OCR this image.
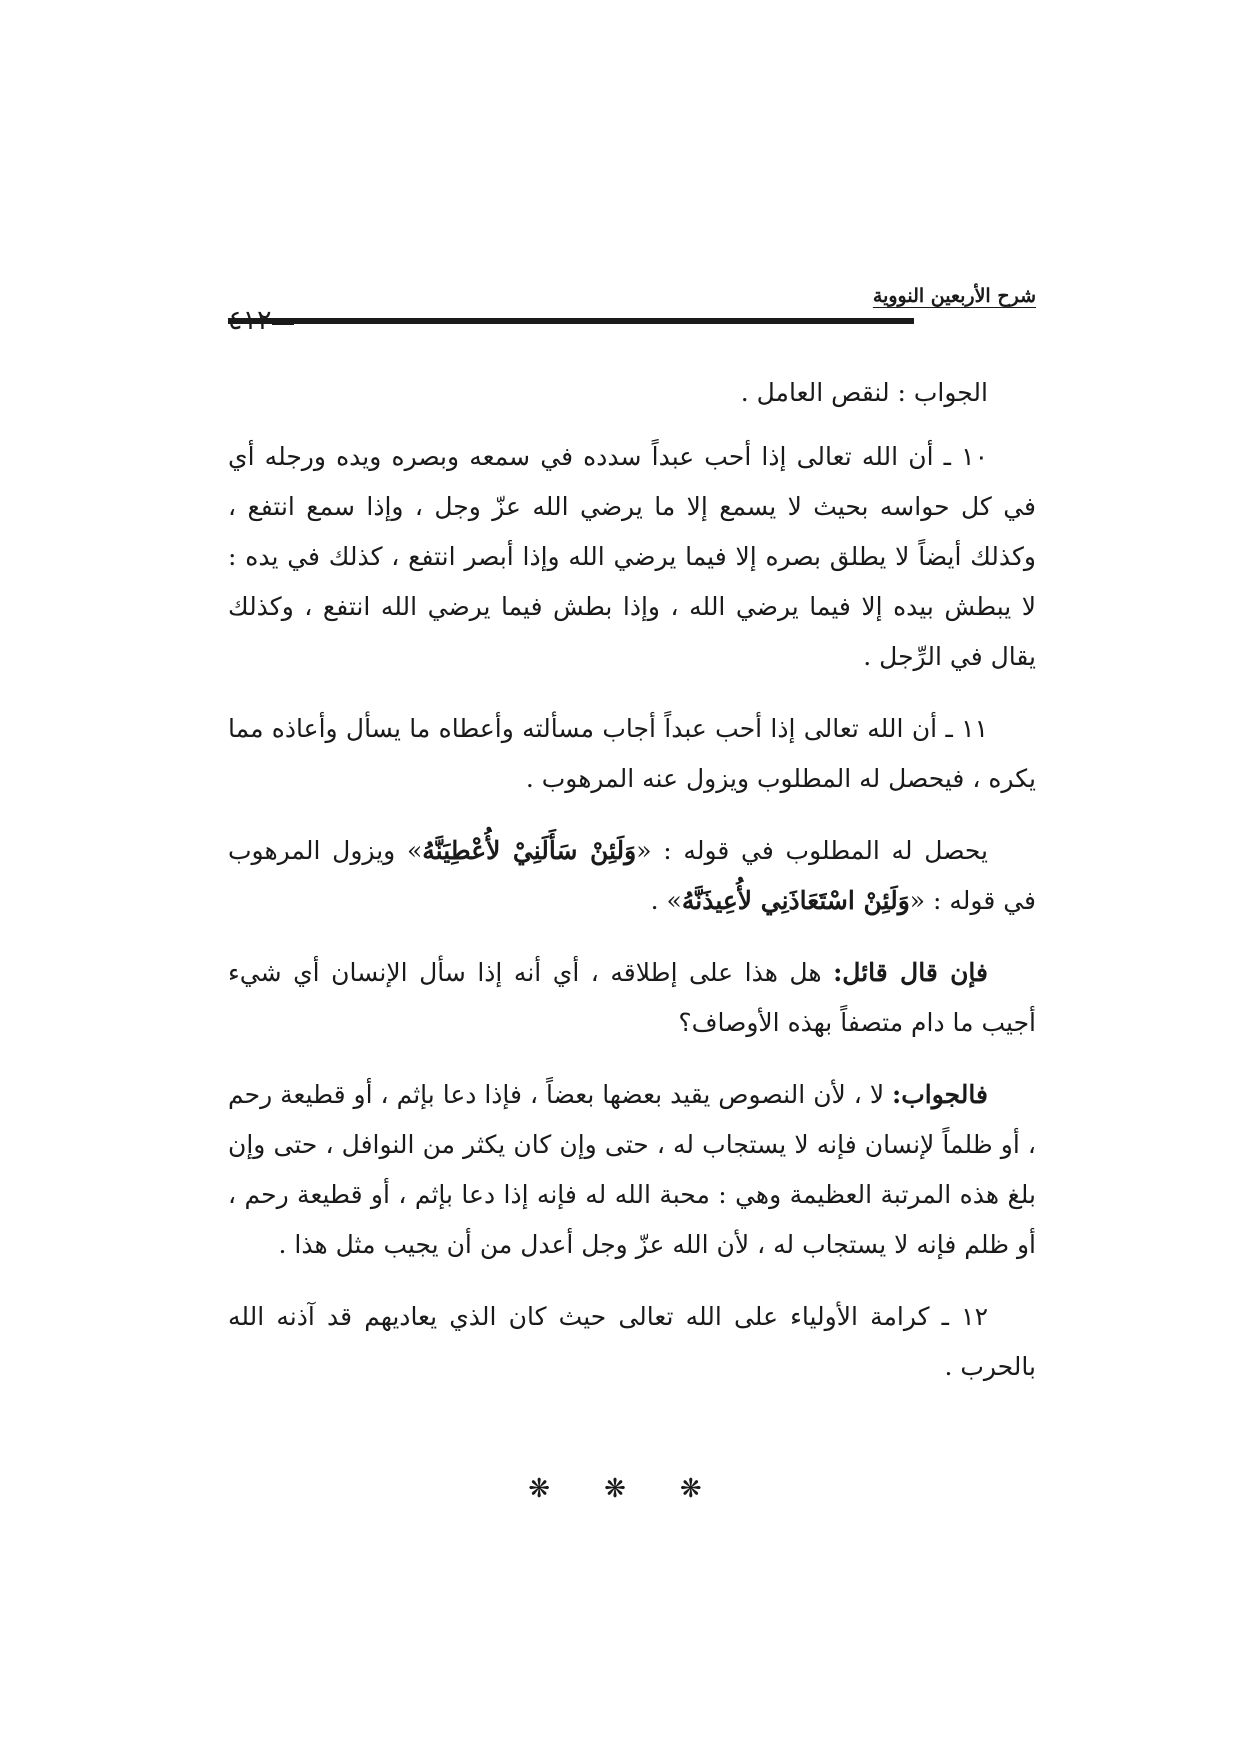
شرح الأربعين النووية
٤١٢

الجواب : لنقص العامل .

١٠ ـ أن الله تعالى إذا أحب عبداً سدده في سمعه وبصره ويده ورجله أي في كل حواسه بحيث لا يسمع إلا ما يرضي الله عزّ وجل ، وإذا سمع انتفع ، وكذلك أيضاً لا يطلق بصره إلا فيما يرضي الله وإذا أبصر انتفع ، كذلك في يده : لا يبطش بيده إلا فيما يرضي الله ، وإذا بطش فيما يرضي الله انتفع ، وكذلك يقال في الرِّجل .

١١ ـ أن الله تعالى إذا أحب عبداً أجاب مسألته وأعطاه ما يسأل وأعاذه مما يكره ، فيحصل له المطلوب ويزول عنه المرهوب .

يحصل له المطلوب في قوله : «وَلَئِنْ سَأَلَنِيْ لأُعْطِيَنَّهُ» ويزول المرهوب في قوله : «وَلَئِنْ اسْتَعَاذَنِي لأُعِيذَنَّهُ» .

فإن قال قائل: هل هذا على إطلاقه ، أي أنه إذا سأل الإنسان أي شيء أجيب ما دام متصفاً بهذه الأوصاف؟

فالجواب: لا ، لأن النصوص يقيد بعضها بعضاً ، فإذا دعا بإثم ، أو قطيعة رحم ، أو ظلماً لإنسان فإنه لا يستجاب له ، حتى وإن كان يكثر من النوافل ، حتى وإن بلغ هذه المرتبة العظيمة وهي : محبة الله له فإنه إذا دعا بإثم ، أو قطيعة رحم ، أو ظلم فإنه لا يستجاب له ، لأن الله عزّ وجل أعدل من أن يجيب مثل هذا .

١٢ ـ كرامة الأولياء على الله تعالى حيث كان الذي يعاديهم قد آذنه الله بالحرب .

❋ ❋ ❋
